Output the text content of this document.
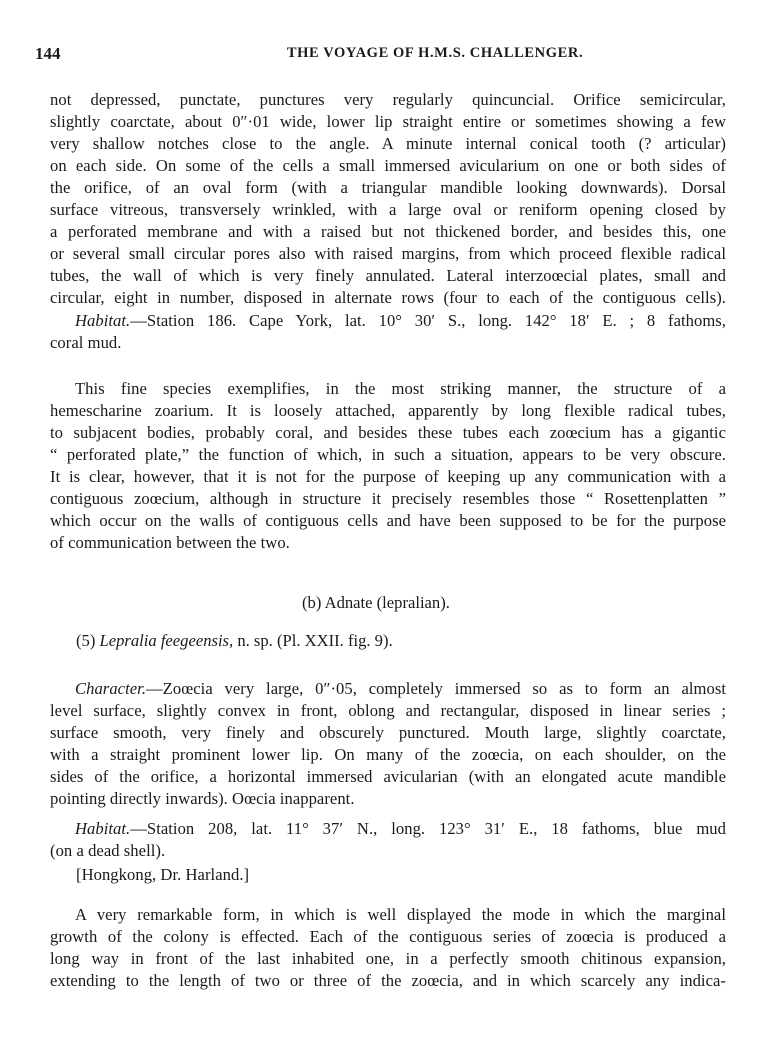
144	THE VOYAGE OF H.M.S. CHALLENGER.
not depressed, punctate, punctures very regularly quincuncial. Orifice semicircular,
slightly coarctate, about 0″·01 wide, lower lip straight entire or sometimes showing a few
very shallow notches close to the angle. A minute internal conical tooth (? articular)
on each side. On some of the cells a small immersed avicularium on one or both sides of
the orifice, of an oval form (with a triangular mandible looking downwards). Dorsal
surface vitreous, transversely wrinkled, with a large oval or reniform opening closed by
a perforated membrane and with a raised but not thickened border, and besides this, one
or several small circular pores also with raised margins, from which proceed flexible radical
tubes, the wall of which is very finely annulated. Lateral interzoœcial plates, small and
circular, eight in number, disposed in alternate rows (four to each of the contiguous cells).
Habitat.—Station 186. Cape York, lat. 10° 30′ S., long. 142° 18′ E. ; 8 fathoms,
coral mud.
This fine species exemplifies, in the most striking manner, the structure of a
hemescharine zoarium. It is loosely attached, apparently by long flexible radical tubes,
to subjacent bodies, probably coral, and besides these tubes each zoœcium has a gigantic
“ perforated plate,” the function of which, in such a situation, appears to be very obscure.
It is clear, however, that it is not for the purpose of keeping up any communication with a
contiguous zoœcium, although in structure it precisely resembles those “ Rosettenplatten ”
which occur on the walls of contiguous cells and have been supposed to be for the purpose
of communication between the two.
(b) Adnate (lepralian).
(5) Lepralia feegeensis, n. sp. (Pl. XXII. fig. 9).
Character.—Zoœcia very large, 0″·05, completely immersed so as to form an almost
level surface, slightly convex in front, oblong and rectangular, disposed in linear series ;
surface smooth, very finely and obscurely punctured. Mouth large, slightly coarctate,
with a straight prominent lower lip. On many of the zoœcia, on each shoulder, on the
sides of the orifice, a horizontal immersed avicularian (with an elongated acute mandible
pointing directly inwards). Oœcia inapparent.
Habitat.—Station 208, lat. 11° 37′ N., long. 123° 31′ E., 18 fathoms, blue mud
(on a dead shell).
[Hongkong, Dr. Harland.]
A very remarkable form, in which is well displayed the mode in which the marginal
growth of the colony is effected. Each of the contiguous series of zoœcia is produced a
long way in front of the last inhabited one, in a perfectly smooth chitinous expansion,
extending to the length of two or three of the zoœcia, and in which scarcely any indica-
